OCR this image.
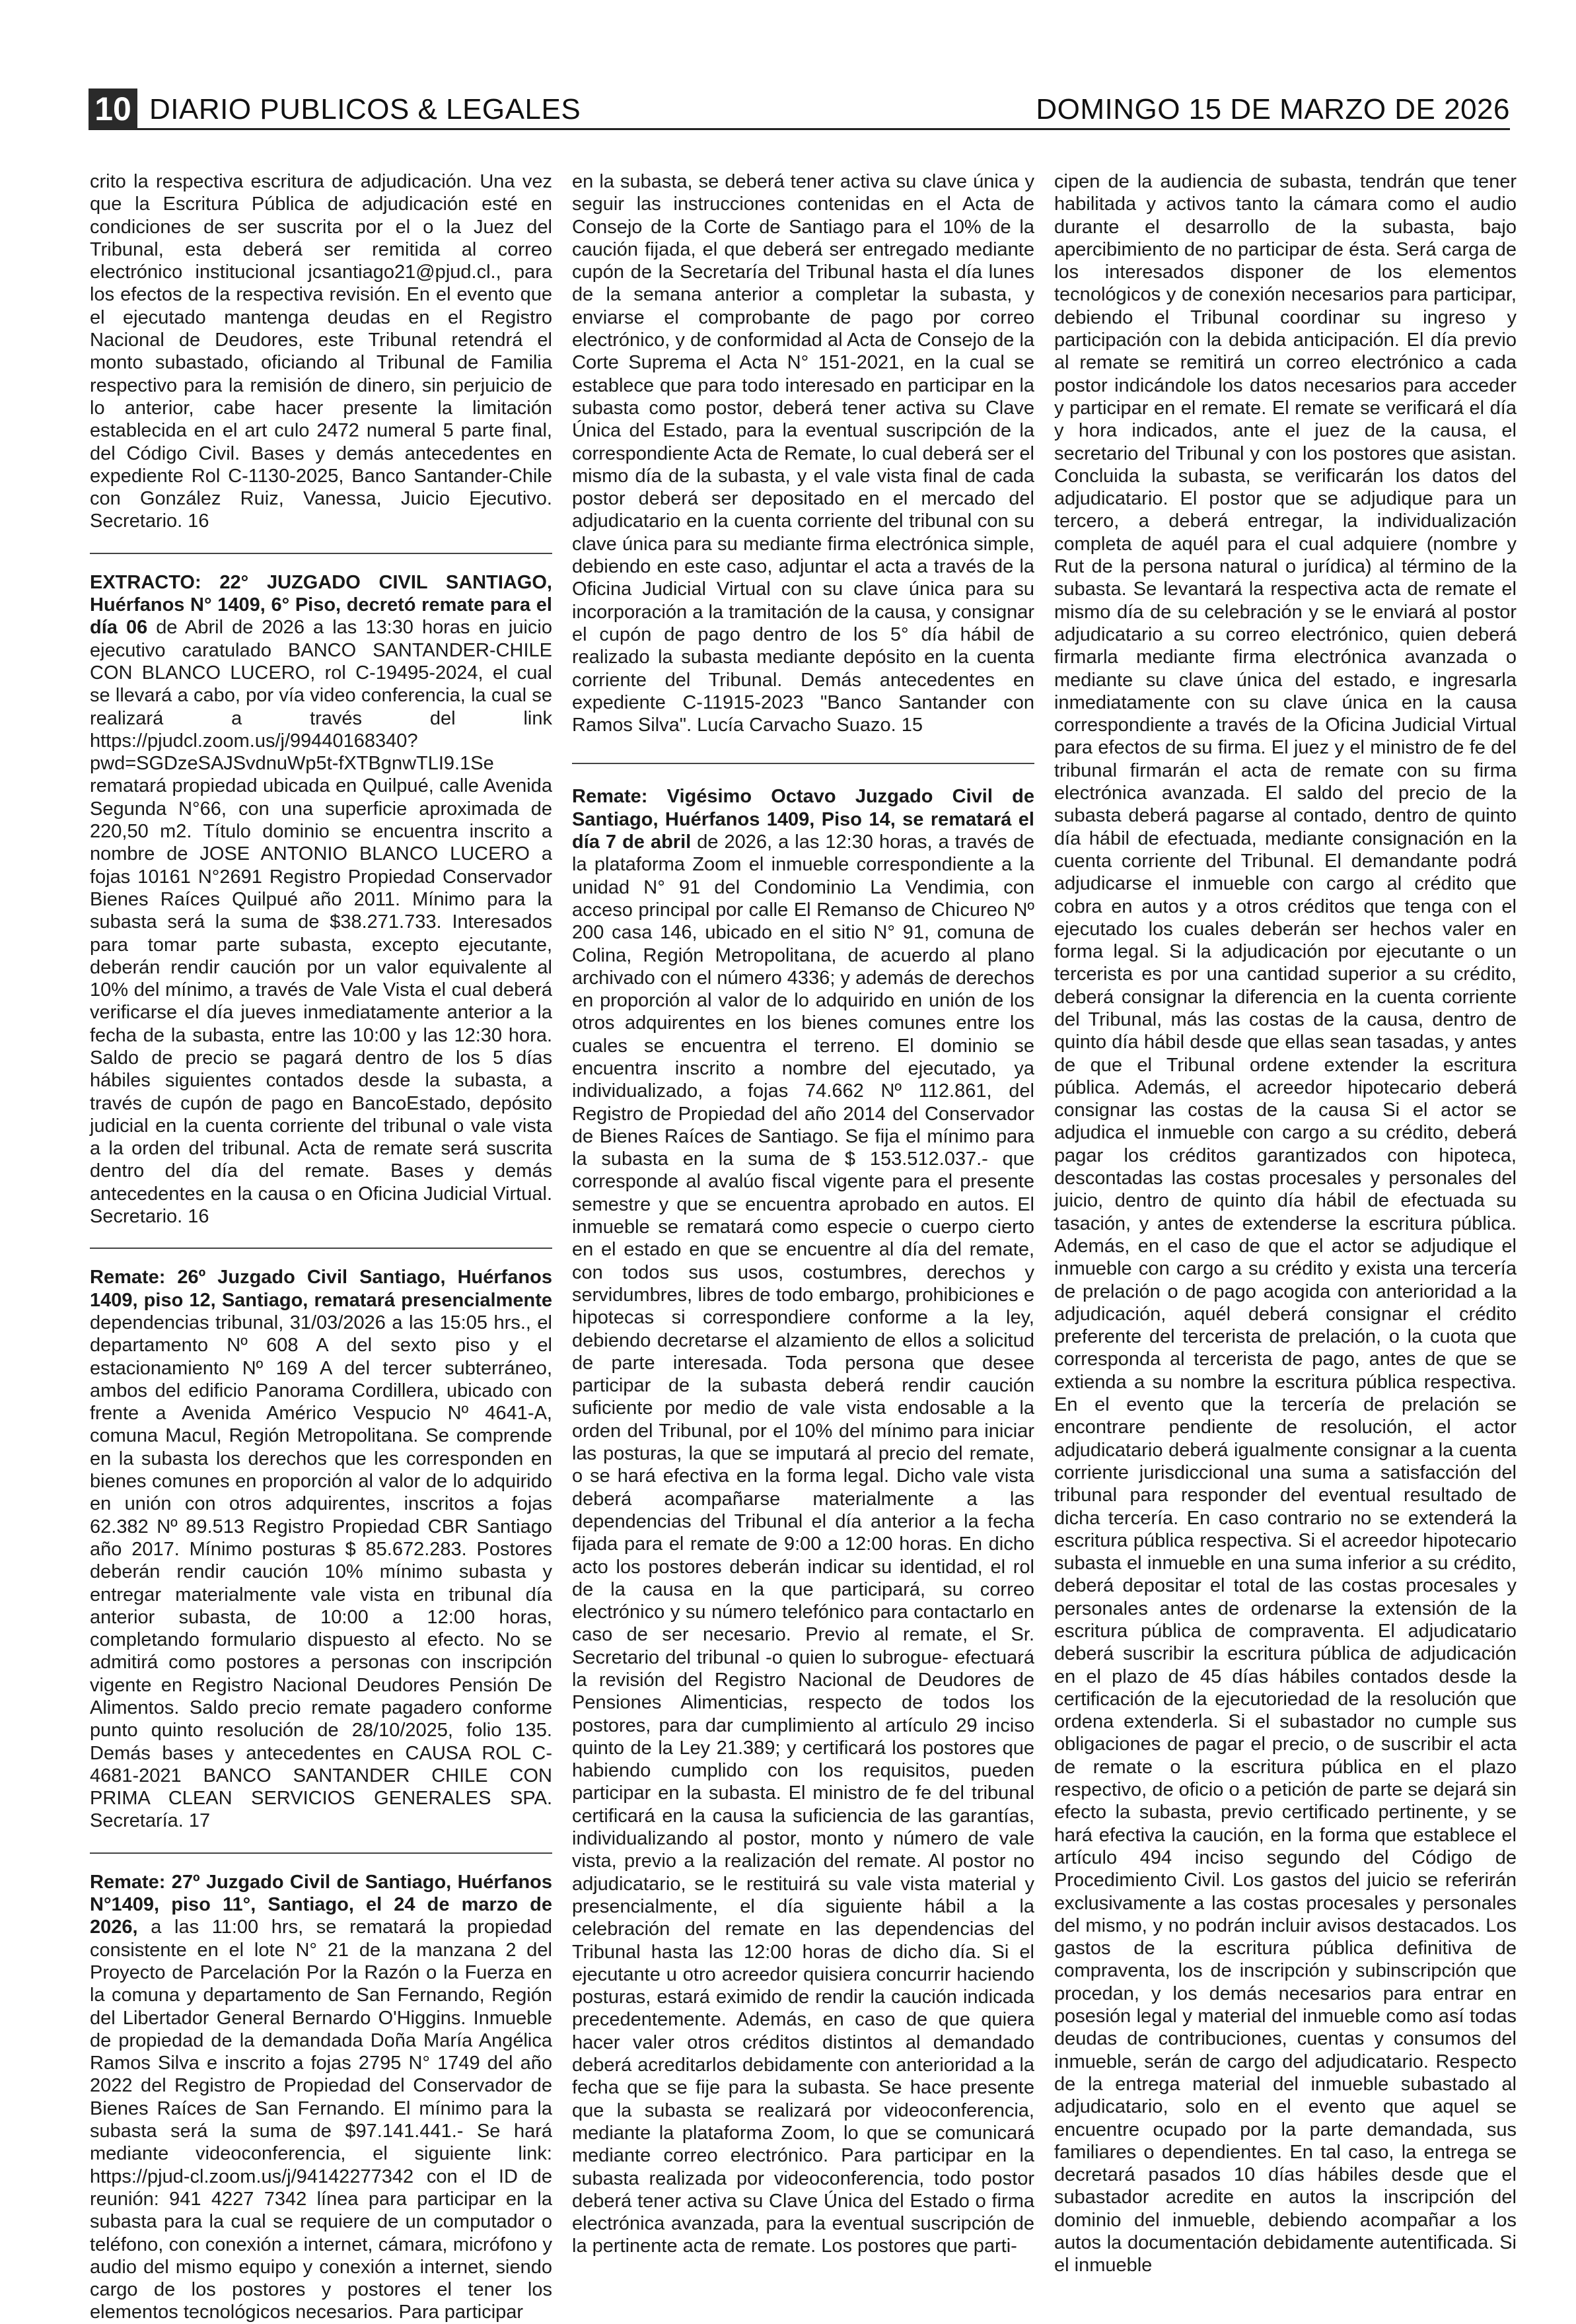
10 DIARIO PUBLICOS & LEGALES	DOMINGO 15 DE MARZO DE 2026

crito la respectiva escritura de adjudicación. Una vez que la Escritura Pública de adjudicación esté en condiciones de ser suscrita por el o la Juez del Tribunal, esta deberá ser remitida al correo electrónico institucional jcsantiago21@pjud.cl., para los efectos de la respectiva revisión. En el evento que el ejecutado mantenga deudas en el Registro Nacional de Deudores, este Tribunal retendrá el monto subastado, oficiando al Tribunal de Familia respectivo para la remisión de dinero, sin perjuicio de lo anterior, cabe hacer presente la limitación establecida en el art culo 2472 numeral 5 parte final, del Código Civil. Bases y demás antecedentes en expediente Rol C-1130-2025, Banco Santander-Chile con González Ruiz, Vanessa, Juicio Ejecutivo. Secretario. 16

EXTRACTO: 22° JUZGADO CIVIL SANTIAGO, Huérfanos N° 1409, 6° Piso, decretó remate para el día 06 de Abril de 2026 a las 13:30 horas en juicio ejecutivo caratulado BANCO SANTANDER-CHILE CON BLANCO LUCERO, rol C-19495-2024, el cual se llevará a cabo, por vía video conferencia, la cual se realizará a través del link https://pjudcl.zoom.us/j/99440168340?pwd=SGDzeSAJSvdnuWp5t-fXTBgnwTLI9.1Se rematará propiedad ubicada en Quilpué, calle Avenida Segunda N°66, con una superficie aproximada de 220,50 m2. Título dominio se encuentra inscrito a nombre de JOSE ANTONIO BLANCO LUCERO a fojas 10161 N°2691 Registro Propiedad Conservador Bienes Raíces Quilpué año 2011. Mínimo para la subasta será la suma de $38.271.733. Interesados para tomar parte subasta, excepto ejecutante, deberán rendir caución por un valor equivalente al 10% del mínimo, a través de Vale Vista el cual deberá verificarse el día jueves inmediatamente anterior a la fecha de la subasta, entre las 10:00 y las 12:30 hora. Saldo de precio se pagará dentro de los 5 días hábiles siguientes contados desde la subasta, a través de cupón de pago en BancoEstado, depósito judicial en la cuenta corriente del tribunal o vale vista a la orden del tribunal. Acta de remate será suscrita dentro del día del remate. Bases y demás antecedentes en la causa o en Oficina Judicial Virtual. Secretario. 16

Remate: 26º Juzgado Civil Santiago, Huérfanos 1409, piso 12, Santiago, rematará presencialmente dependencias tribunal, 31/03/2026 a las 15:05 hrs., el departamento Nº 608 A del sexto piso y el estacionamiento Nº 169 A del tercer subterráneo, ambos del edificio Panorama Cordillera, ubicado con frente a Avenida Américo Vespucio Nº 4641-A, comuna Macul, Región Metropolitana. Se comprende en la subasta los derechos que les corresponden en bienes comunes en proporción al valor de lo adquirido en unión con otros adquirentes, inscritos a fojas 62.382 Nº 89.513 Registro Propiedad CBR Santiago año 2017. Mínimo posturas $ 85.672.283. Postores deberán rendir caución 10% mínimo subasta y entregar materialmente vale vista en tribunal día anterior subasta, de 10:00 a 12:00 horas, completando formulario dispuesto al efecto. No se admitirá como postores a personas con inscripción vigente en Registro Nacional Deudores Pensión De Alimentos. Saldo precio remate pagadero conforme punto quinto resolución de 28/10/2025, folio 135. Demás bases y antecedentes en CAUSA ROL C-4681-2021 BANCO SANTANDER CHILE CON PRIMA CLEAN SERVICIOS GENERALES SPA. Secretaría. 17

Remate: 27º Juzgado Civil de Santiago, Huérfanos N°1409, piso 11°, Santiago, el 24 de marzo de 2026, a las 11:00 hrs, se rematará la propiedad consistente en el lote N° 21 de la manzana 2 del Proyecto de Parcelación Por la Razón o la Fuerza en la comuna y departamento de San Fernando, Región del Libertador General Bernardo O'Higgins. Inmueble de propiedad de la demandada Doña María Angélica Ramos Silva e inscrito a fojas 2795 N° 1749 del año 2022 del Registro de Propiedad del Conservador de Bienes Raíces de San Fernando. El mínimo para la subasta será la suma de $97.141.441.- Se hará mediante videoconferencia, el siguiente link: https://pjud-cl.zoom.us/j/94142277342 con el ID de reunión: 941 4227 7342 línea para participar en la subasta para la cual se requiere de un computador o teléfono, con conexión a internet, cámara, micrófono y audio del mismo equipo y conexión a internet, siendo cargo de los postores y postores el tener los elementos tecnológicos necesarios. Para participar

en la subasta, se deberá tener activa su clave única y seguir las instrucciones contenidas en el Acta de Consejo de la Corte de Santiago para el 10% de la caución fijada, el que deberá ser entregado mediante cupón de la Secretaría del Tribunal hasta el día lunes de la semana anterior a completar la subasta, y enviarse el comprobante de pago por correo electrónico, y de conformidad al Acta de Consejo de la Corte Suprema el Acta N° 151-2021, en la cual se establece que para todo interesado en participar en la subasta como postor, deberá tener activa su Clave Única del Estado, para la eventual suscripción de la correspondiente Acta de Remate, lo cual deberá ser el mismo día de la subasta, y el vale vista final de cada postor deberá ser depositado en el mercado del adjudicatario en la cuenta corriente del tribunal con su clave única para su mediante firma electrónica simple, debiendo en este caso, adjuntar el acta a través de la Oficina Judicial Virtual con su clave única para su incorporación a la tramitación de la causa, y consignar el cupón de pago dentro de los 5° día hábil de realizado la subasta mediante depósito en la cuenta corriente del Tribunal. Demás antecedentes en expediente C-11915-2023 "Banco Santander con Ramos Silva". Lucía Carvacho Suazo. 15

Remate: Vigésimo Octavo Juzgado Civil de Santiago, Huérfanos 1409, Piso 14, se rematará el día 7 de abril de 2026, a las 12:30 horas, a través de la plataforma Zoom el inmueble correspondiente a la unidad N° 91 del Condominio La Vendimia, con acceso principal por calle El Remanso de Chicureo Nº 200 casa 146, ubicado en el sitio N° 91, comuna de Colina, Región Metropolitana, de acuerdo al plano archivado con el número 4336; y además de derechos en proporción al valor de lo adquirido en unión de los otros adquirentes en los bienes comunes entre los cuales se encuentra el terreno. El dominio se encuentra inscrito a nombre del ejecutado, ya individualizado, a fojas 74.662 Nº 112.861, del Registro de Propiedad del año 2014 del Conservador de Bienes Raíces de Santiago. Se fija el mínimo para la subasta en la suma de $ 153.512.037.- que corresponde al avalúo fiscal vigente para el presente semestre y que se encuentra aprobado en autos. El inmueble se rematará como especie o cuerpo cierto en el estado en que se encuentre al día del remate, con todos sus usos, costumbres, derechos y servidumbres, libres de todo embargo, prohibiciones e hipotecas si correspondiere conforme a la ley, debiendo decretarse el alzamiento de ellos a solicitud de parte interesada. Toda persona que desee participar de la subasta deberá rendir caución suficiente por medio de vale vista endosable a la orden del Tribunal, por el 10% del mínimo para iniciar las posturas, la que se imputará al precio del remate, o se hará efectiva en la forma legal. Dicho vale vista deberá acompañarse materialmente a las dependencias del Tribunal el día anterior a la fecha fijada para el remate de 9:00 a 12:00 horas. En dicho acto los postores deberán indicar su identidad, el rol de la causa en la que participará, su correo electrónico y su número telefónico para contactarlo en caso de ser necesario. Previo al remate, el Sr. Secretario del tribunal -o quien lo subrogue- efectuará la revisión del Registro Nacional de Deudores de Pensiones Alimenticias, respecto de todos los postores, para dar cumplimiento al artículo 29 inciso quinto de la Ley 21.389; y certificará los postores que habiendo cumplido con los requisitos, pueden participar en la subasta. El ministro de fe del tribunal certificará en la causa la suficiencia de las garantías, individualizando al postor, monto y número de vale vista, previo a la realización del remate. Al postor no adjudicatario, se le restituirá su vale vista material y presencialmente, el día siguiente hábil a la celebración del remate en las dependencias del Tribunal hasta las 12:00 horas de dicho día. Si el ejecutante u otro acreedor quisiera concurrir haciendo posturas, estará eximido de rendir la caución indicada precedentemente. Además, en caso de que quiera hacer valer otros créditos distintos al demandado deberá acreditarlos debidamente con anterioridad a la fecha que se fije para la subasta. Se hace presente que la subasta se realizará por videoconferencia, mediante la plataforma Zoom, lo que se comunicará mediante correo electrónico. Para participar en la subasta realizada por videoconferencia, todo postor deberá tener activa su Clave Única del Estado o firma electrónica avanzada, para la eventual suscripción de la pertinente acta de remate. Los postores que parti-

cipen de la audiencia de subasta, tendrán que tener habilitada y activos tanto la cámara como el audio durante el desarrollo de la subasta, bajo apercibimiento de no participar de ésta. Será carga de los interesados disponer de los elementos tecnológicos y de conexión necesarios para participar, debiendo el Tribunal coordinar su ingreso y participación con la debida anticipación. El día previo al remate se remitirá un correo electrónico a cada postor indicándole los datos necesarios para acceder y participar en el remate. El remate se verificará el día y hora indicados, ante el juez de la causa, el secretario del Tribunal y con los postores que asistan. Concluida la subasta, se verificarán los datos del adjudicatario. El postor que se adjudique para un tercero, a deberá entregar, la individualización completa de aquél para el cual adquiere (nombre y Rut de la persona natural o jurídica) al término de la subasta. Se levantará la respectiva acta de remate el mismo día de su celebración y se le enviará al postor adjudicatario a su correo electrónico, quien deberá firmarla mediante firma electrónica avanzada o mediante su clave única del estado, e ingresarla inmediatamente con su clave única en la causa correspondiente a través de la Oficina Judicial Virtual para efectos de su firma. El juez y el ministro de fe del tribunal firmarán el acta de remate con su firma electrónica avanzada. El saldo del precio de la subasta deberá pagarse al contado, dentro de quinto día hábil de efectuada, mediante consignación en la cuenta corriente del Tribunal. El demandante podrá adjudicarse el inmueble con cargo al crédito que cobra en autos y a otros créditos que tenga con el ejecutado los cuales deberán ser hechos valer en forma legal. Si la adjudicación por ejecutante o un tercerista es por una cantidad superior a su crédito, deberá consignar la diferencia en la cuenta corriente del Tribunal, más las costas de la causa, dentro de quinto día hábil desde que ellas sean tasadas, y antes de que el Tribunal ordene extender la escritura pública. Además, el acreedor hipotecario deberá consignar las costas de la causa Si el actor se adjudica el inmueble con cargo a su crédito, deberá pagar los créditos garantizados con hipoteca, descontadas las costas procesales y personales del juicio, dentro de quinto día hábil de efectuada su tasación, y antes de extenderse la escritura pública. Además, en el caso de que el actor se adjudique el inmueble con cargo a su crédito y exista una tercería de prelación o de pago acogida con anterioridad a la adjudicación, aquél deberá consignar el crédito preferente del tercerista de prelación, o la cuota que corresponda al tercerista de pago, antes de que se extienda a su nombre la escritura pública respectiva. En el evento que la tercería de prelación se encontrare pendiente de resolución, el actor adjudicatario deberá igualmente consignar a la cuenta corriente jurisdiccional una suma a satisfacción del tribunal para responder del eventual resultado de dicha tercería. En caso contrario no se extenderá la escritura pública respectiva. Si el acreedor hipotecario subasta el inmueble en una suma inferior a su crédito, deberá depositar el total de las costas procesales y personales antes de ordenarse la extensión de la escritura pública de compraventa. El adjudicatario deberá suscribir la escritura pública de adjudicación en el plazo de 45 días hábiles contados desde la certificación de la ejecutoriedad de la resolución que ordena extenderla. Si el subastador no cumple sus obligaciones de pagar el precio, o de suscribir el acta de remate o la escritura pública en el plazo respectivo, de oficio o a petición de parte se dejará sin efecto la subasta, previo certificado pertinente, y se hará efectiva la caución, en la forma que establece el artículo 494 inciso segundo del Código de Procedimiento Civil. Los gastos del juicio se referirán exclusivamente a las costas procesales y personales del mismo, y no podrán incluir avisos destacados. Los gastos de la escritura pública definitiva de compraventa, los de inscripción y subinscripción que procedan, y los demás necesarios para entrar en posesión legal y material del inmueble como así todas deudas de contribuciones, cuentas y consumos del inmueble, serán de cargo del adjudicatario. Respecto de la entrega material del inmueble subastado al adjudicatario, solo en el evento que aquel se encuentre ocupado por la parte demandada, sus familiares o dependientes. En tal caso, la entrega se decretará pasados 10 días hábiles desde que el subastador acredite en autos la inscripción del dominio del inmueble, debiendo acompañar a los autos la documentación debidamente autentificada. Si el inmueble
